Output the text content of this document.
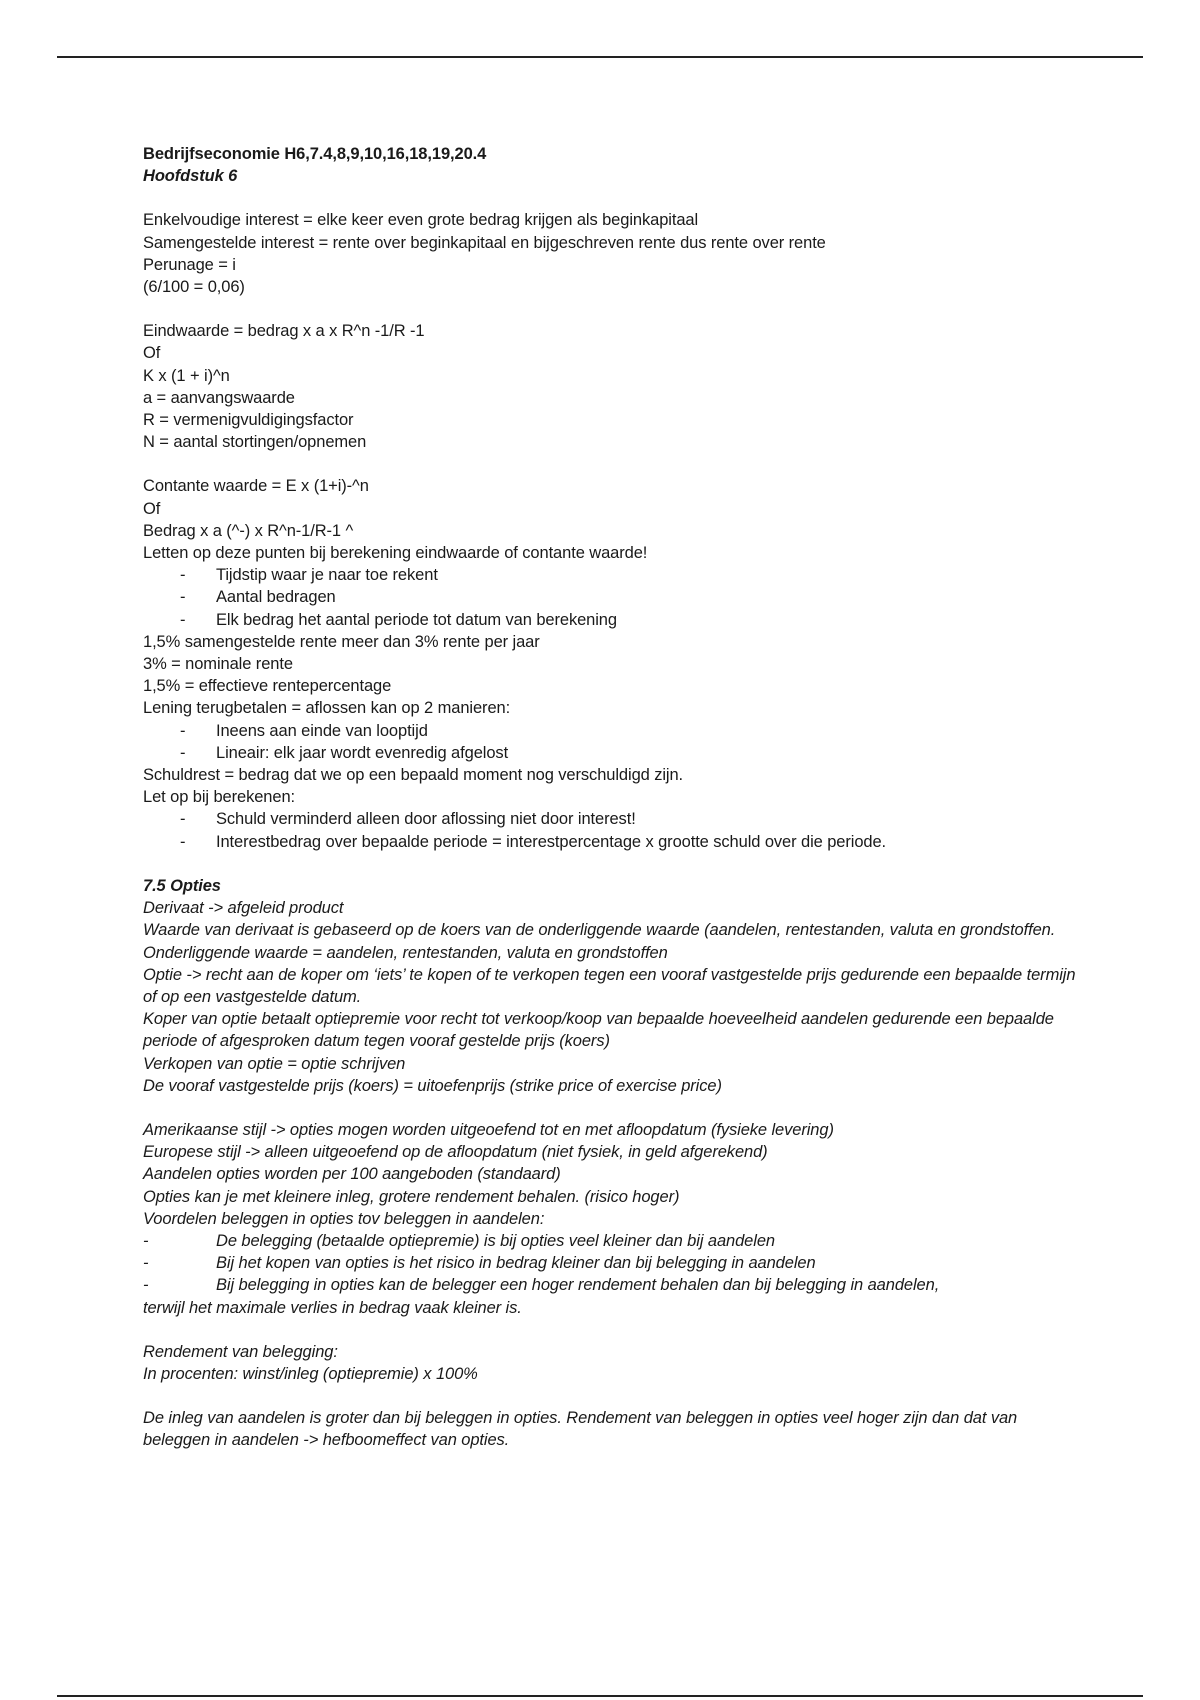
Bedrijfseconomie H6,7.4,8,9,10,16,18,19,20.4
Hoofdstuk 6
Enkelvoudige interest = elke keer even grote bedrag krijgen als beginkapitaal
Samengestelde interest = rente over beginkapitaal en bijgeschreven rente dus rente over rente
Perunage = i
(6/100 = 0,06)
Eindwaarde = bedrag x a x R^n -1/R -1
Of
K x (1 + i)^n
a = aanvangswaarde
R = vermenigvuldigingsfactor
N = aantal stortingen/opnemen
Contante waarde = E x (1+i)-^n
Of
Bedrag x a (^-) x R^n-1/R-1 ^
Letten op deze punten bij berekening eindwaarde of contante waarde!
- Tijdstip waar je naar toe rekent
- Aantal bedragen
- Elk bedrag het aantal periode tot datum van berekening
1,5% samengestelde rente meer dan 3% rente per jaar
3% = nominale rente
1,5% = effectieve rentepercentage
Lening terugbetalen = aflossen kan op 2 manieren:
- Ineens aan einde van looptijd
- Lineair: elk jaar wordt evenredig afgelost
Schuldrest = bedrag dat we op een bepaald moment nog verschuldigd zijn.
Let op bij berekenen:
- Schuld verminderd alleen door aflossing niet door interest!
- Interestbedrag over bepaalde periode = interestpercentage x grootte schuld over die periode.
7.5 Opties
Derivaat -> afgeleid product
Waarde van derivaat is gebaseerd op de koers van de onderliggende waarde (aandelen, rentestanden, valuta en grondstoffen.
Onderliggende waarde = aandelen, rentestanden, valuta en grondstoffen
Optie -> recht aan de koper om ‘iets’ te kopen of te verkopen tegen een vooraf vastgestelde prijs gedurende een bepaalde termijn of op een vastgestelde datum.
Koper van optie betaalt optiepremie voor recht tot verkoop/koop van bepaalde hoeveelheid aandelen gedurende een bepaalde periode of afgesproken datum tegen vooraf gestelde prijs (koers)
Verkopen van optie = optie schrijven
De vooraf vastgestelde prijs (koers) = uitoefenprijs (strike price of exercise price)
Amerikaanse stijl -> opties mogen worden uitgeoefend tot en met afloopdatum (fysieke levering)
Europese stijl -> alleen uitgeoefend op de afloopdatum (niet fysiek, in geld afgerekend)
Aandelen opties worden per 100 aangeboden (standaard)
Opties kan je met kleinere inleg, grotere rendement behalen. (risico hoger)
Voordelen beleggen in opties tov beleggen in aandelen:
-	De belegging (betaalde optiepremie) is bij opties veel kleiner dan bij aandelen
-	Bij het kopen van opties is het risico in bedrag kleiner dan bij belegging in aandelen
-	Bij belegging in opties kan de belegger een hoger rendement behalen dan bij belegging in aandelen,
terwijl het maximale verlies in bedrag vaak kleiner is.
Rendement van belegging:
In procenten: winst/inleg (optiepremie) x 100%
De inleg van aandelen is groter dan bij beleggen in opties. Rendement van beleggen in opties veel hoger zijn dan dat van beleggen in aandelen -> hefboomeffect van opties.
